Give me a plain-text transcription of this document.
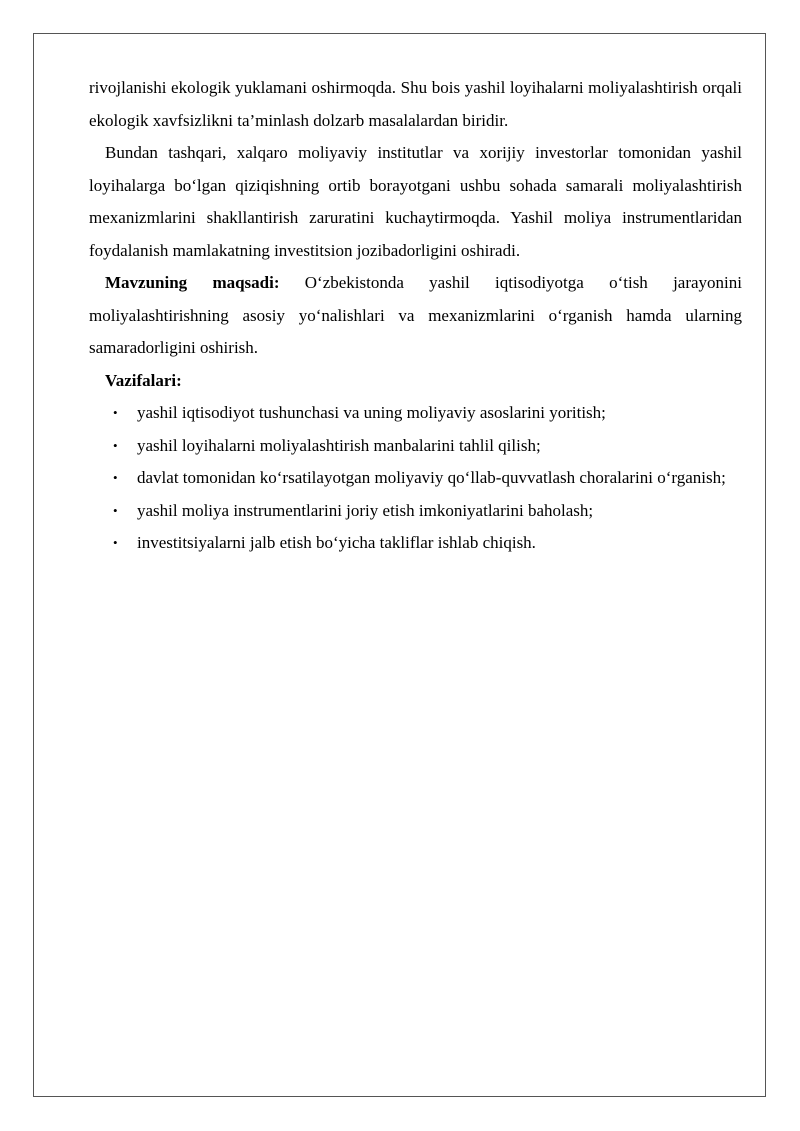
rivojlanishi ekologik yuklamani oshirmoqda. Shu bois yashil loyihalarni moliyalashtirish orqali ekologik xavfsizlikni ta’minlash dolzarb masalalardan biridir.

Bundan tashqari, xalqaro moliyaviy institutlar va xorijiy investorlar tomonidan yashil loyihalarga bo‘lgan qiziqishning ortib borayotgani ushbu sohada samarali moliyalashtirish mexanizmlarini shakllantirish zaruratini kuchaytirmoqda. Yashil moliya instrumentlaridan foydalanish mamlakatning investitsion jozibadorligini oshiradi.

Mavzuning maqsadi: O‘zbekistonda yashil iqtisodiyotga o‘tish jarayonini moliyalashtirishning asosiy yo‘nalishlari va mexanizmlarini o‘rganish hamda ularning samaradorligini oshirish.

Vazifalari:

• yashil iqtisodiyot tushunchasi va uning moliyaviy asoslarini yoritish;
• yashil loyihalarni moliyalashtirish manbalarini tahlil qilish;
• davlat tomonidan ko‘rsatilayotgan moliyaviy qo‘llab-quvvatlash choralarini o‘rganish;
• yashil moliya instrumentlarini joriy etish imkoniyatlarini baholash;
• investitsiyalarni jalb etish bo‘yicha takliflar ishlab chiqish.
